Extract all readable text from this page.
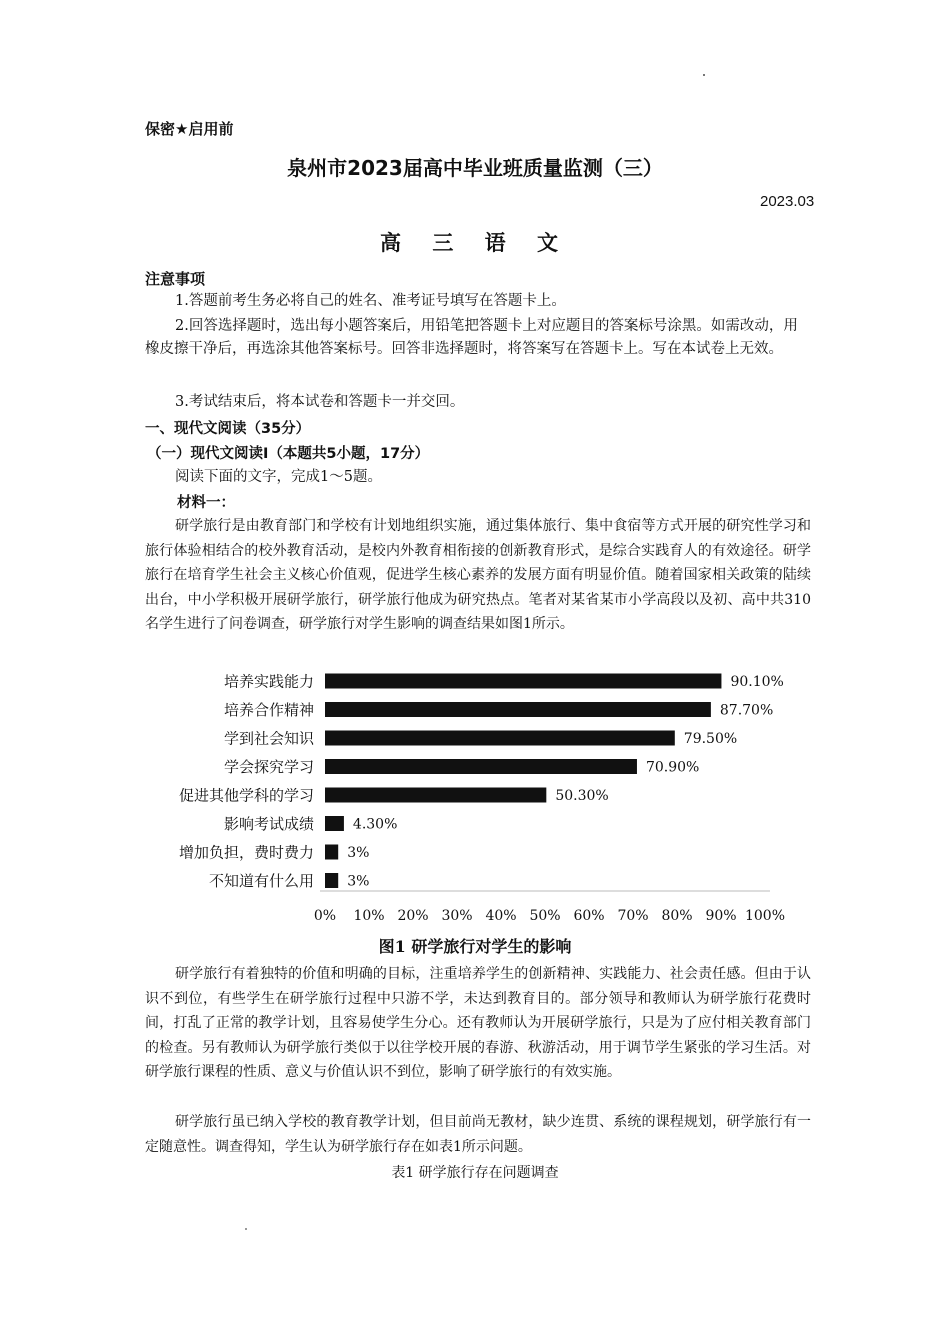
保密★启用前
泉州市2023届高中毕业班质量监测（三）
2023.03
高 三 语 文
注意事项

1.答题前考生务必将自己的姓名、准考证号填写在答题卡上。

2.回答选择题时，选出每小题答案后，用铅笔把答题卡上对应题目的答案标号涂黑。如需改动，用橡皮擦干净后，再选涂其他答案标号。回答非选择题时，将答案写在答题卡上。写在本试卷上无效。

3.考试结束后，将本试卷和答题卡一并交回。

一、现代文阅读（35分）
（一）现代文阅读Ⅰ（本题共5小题，17分）

阅读下面的文字，完成1～5题。

材料一：

研学旅行是由教育部门和学校有计划地组织实施，通过集体旅行、集中食宿等方式开展的研究性学习和旅行体验相结合的校外教育活动，是校内外教育相衔接的创新教育形式，是综合实践育人的有效途径。研学旅行在培育学生社会主义核心价值观，促进学生核心素养的发展方面有明显价值。随着国家相关政策的陆续出台，中小学积极开展研学旅行，研学旅行他成为研究热点。笔者对某省某市小学高段以及初、高中共310名学生进行了问卷调查，研学旅行对学生影响的调查结果如图1所示。

培养实践能力	90.10%
培养合作精神	87.70%
学到社会知识	79.50%
学会探究学习	70.90%
促进其他学科的学习	50.30%
影响考试成绩	4.30%
增加负担，费时费力 3%
不知道有什么用 3%
0% 10% 20% 30% 40% 50% 60% 70% 80% 90% 100%
图1 研学旅行对学生的影响

研学旅行有着独特的价值和明确的目标，注重培养学生的创新精神、实践能力、社会责任感。但由于认识不到位，有些学生在研学旅行过程中只游不学，未达到教育目的。部分领导和教师认为研学旅行花费时间，打乱了正常的教学计划，且容易使学生分心。还有教师认为开展研学旅行，只是为了应付相关教育部门的检查。另有教师认为研学旅行类似于以往学校开展的春游、秋游活动，用于调节学生紧张的学习生活。对研学旅行课程的性质、意义与价值认识不到位，影响了研学旅行的有效实施。

研学旅行虽已纳入学校的教育教学计划，但目前尚无教材，缺少连贯、系统的课程规划，研学旅行有一定随意性。调查得知，学生认为研学旅行存在如表1所示问题。

表1 研学旅行存在问题调查
